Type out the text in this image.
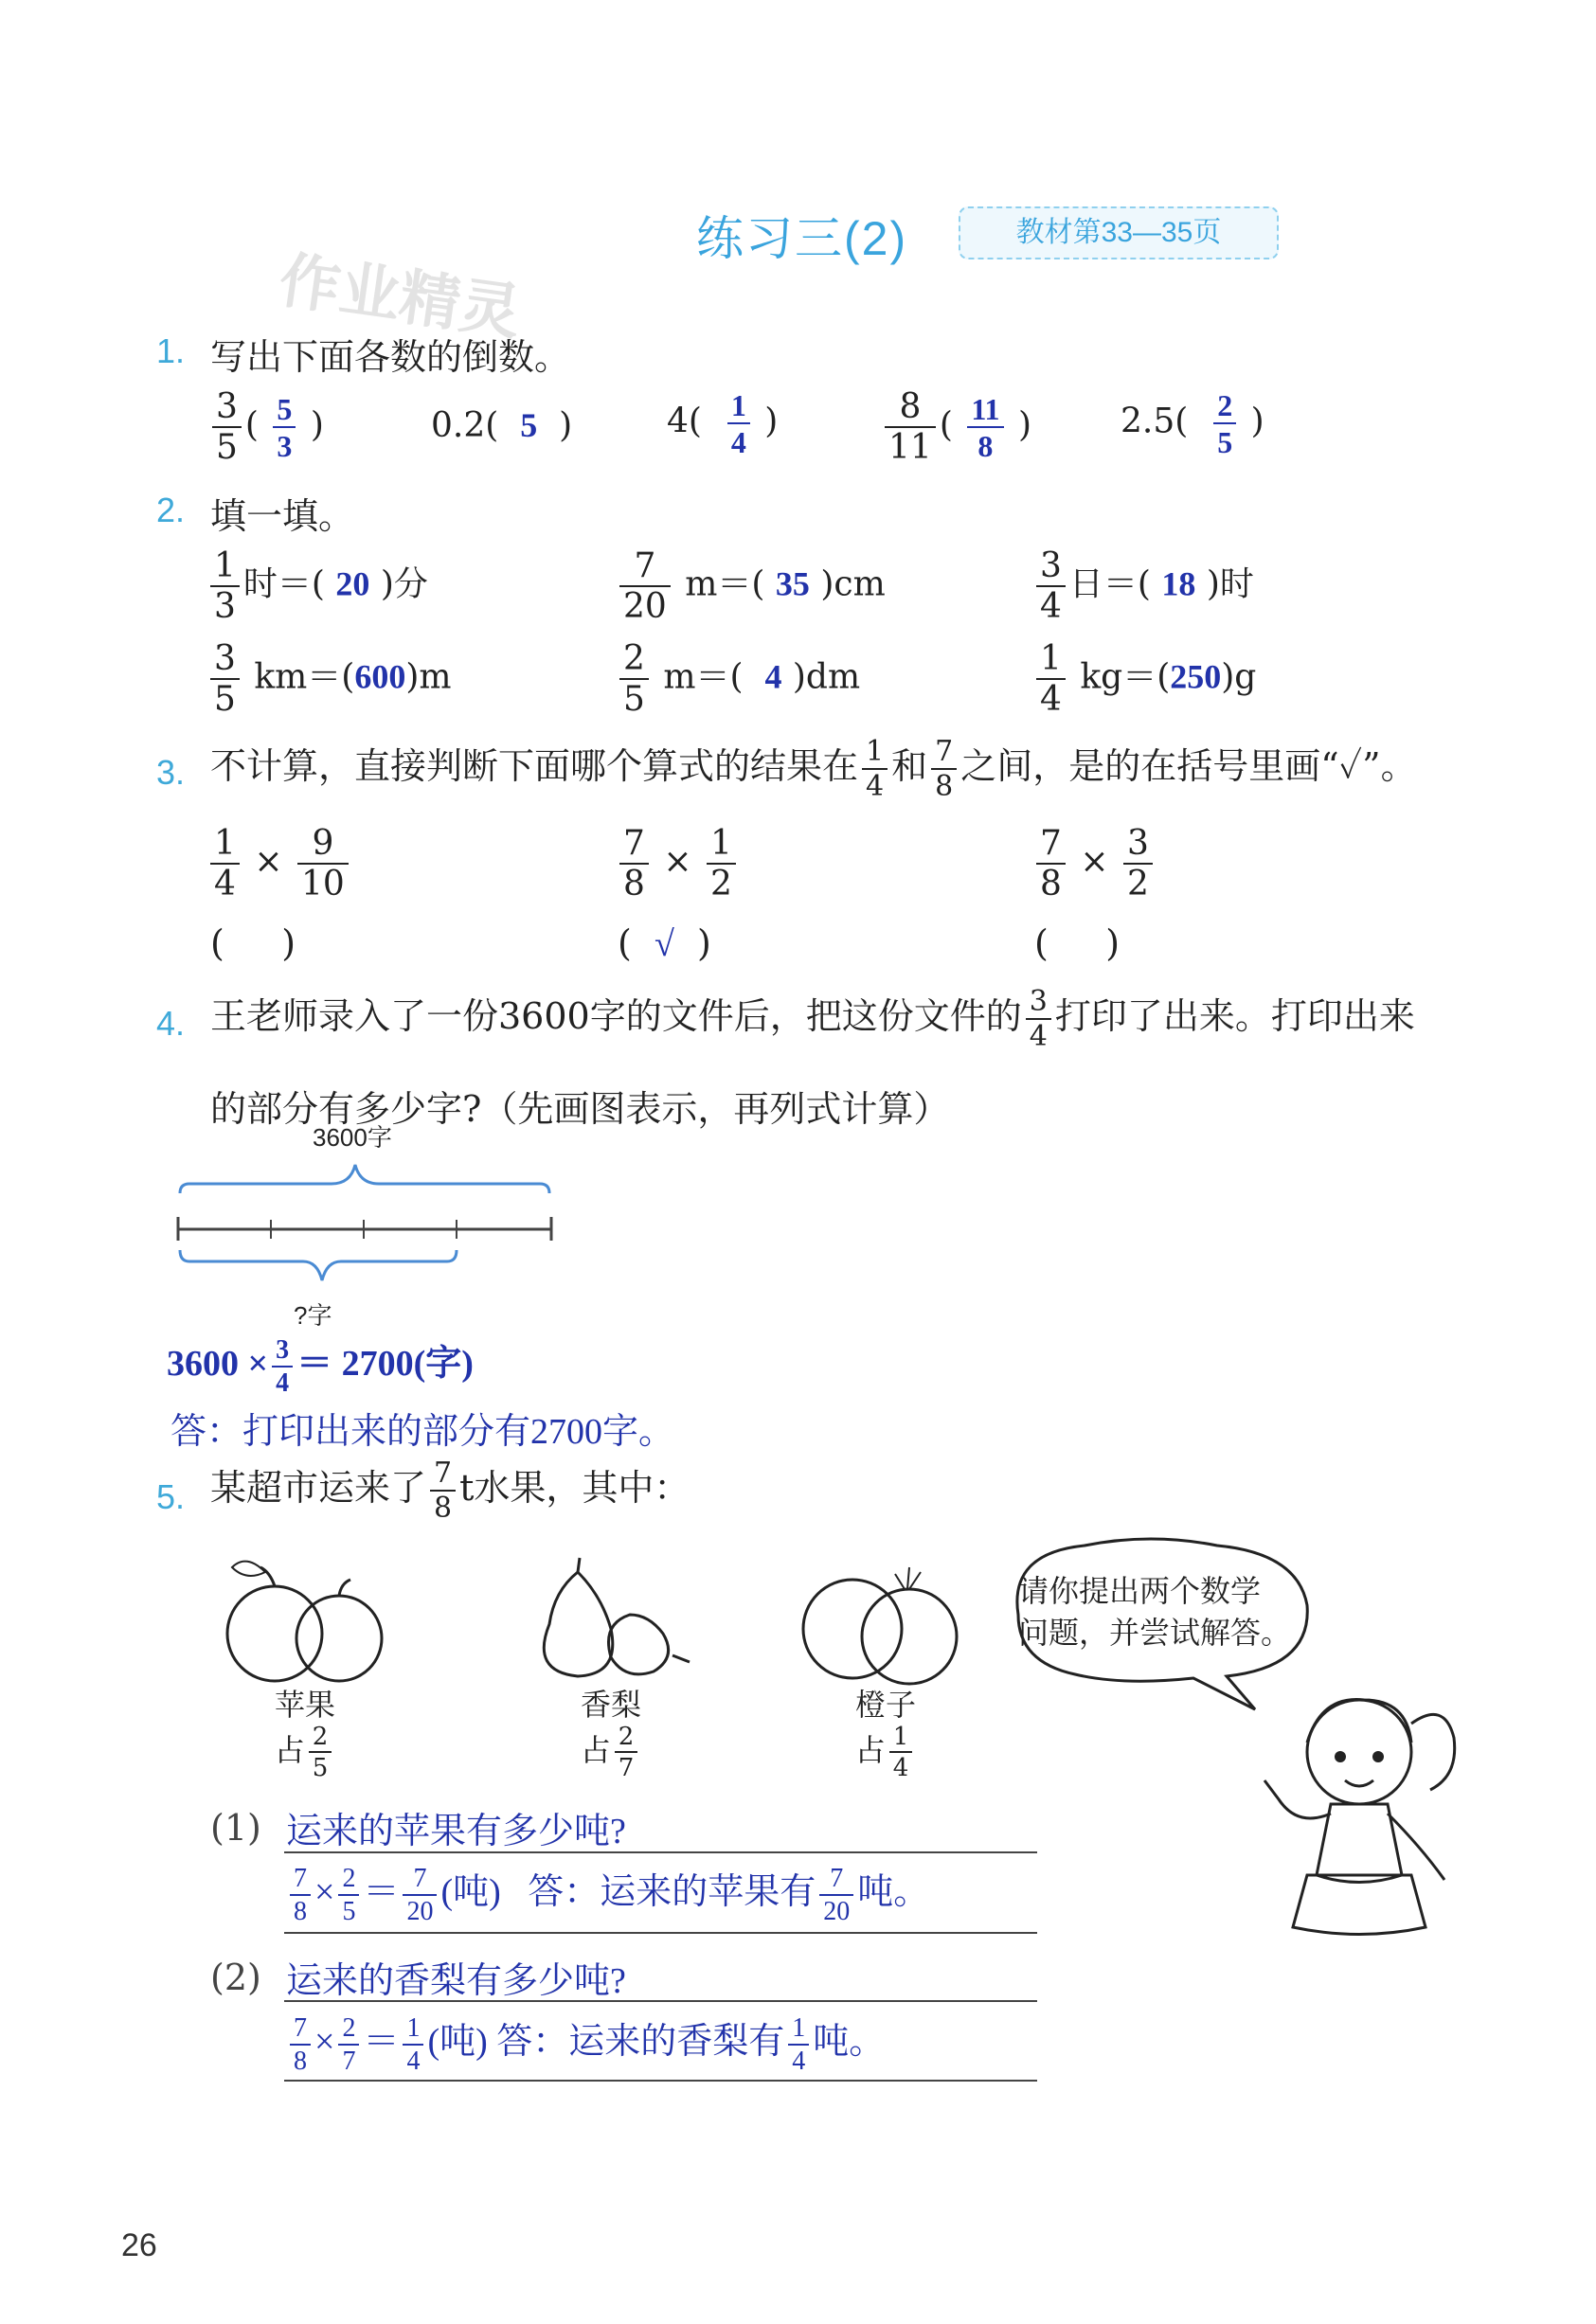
练习三(2)	教材第33—35页
作业精灵
1. 写出下面各数的倒数。
$\frac{3}{5}$ ( $\frac{5}{3}$ )	0.2(  5  )	$4( \frac{1}{4}$ )	$\frac{8}{11}$ ( $\frac{11}{8}$ )	$2.5( \frac{2}{5}$ )
2. 填一填。
$\frac{1}{3}$ 时＝( 20 )分	$\frac{7}{20} m=$( 35 )cm	$\frac{3}{4}$ 日＝( 18 )时
$\frac{3}{5} km=(600)m$	$\frac{2}{5} m=$( 4 )dm	$\frac{1}{4} kg=(250)g$
3. 不计算，直接判断下面哪个算式的结果在 $\frac{1}{4}$ 和 $\frac{7}{8}$ 之间，是的在括号里画“✓”。
$\frac{1}{4} \times \frac{9}{10}$	$\frac{7}{8} \times \frac{1}{2}$	$\frac{7}{8} \times \frac{3}{2}$
(     )	(  √  )	(     )
4. 王老师录入了一份3600字的文件后，把这份文件的 $\frac{3}{4}$ 打印了出来。打印出来
的部分有多少字?（先画图表示，再列式计算）
3600字
?字
$3600 \times \frac{3}{4} = 2700$(字)
答：打印出来的部分有2700字。
5. 某超市运来了 $\frac{7}{8}$ t水果，其中：
苹果
占 $\frac{2}{5}$
香梨
占 $\frac{2}{7}$
橙子
占 $\frac{1}{4}$
请你提出两个数学
问题，并尝试解答。
(1) 运来的苹果有多少吨?
$\frac{7}{8} \times \frac{2}{5} = \frac{7}{20}$ (吨) 答：运来的苹果有 $\frac{7}{20}$ 吨。
(2) 运来的香梨有多少吨?
$\frac{7}{8} \times \frac{2}{7} = \frac{1}{4}$ (吨) 答：运来的香梨有 $\frac{1}{4}$ 吨。
26
